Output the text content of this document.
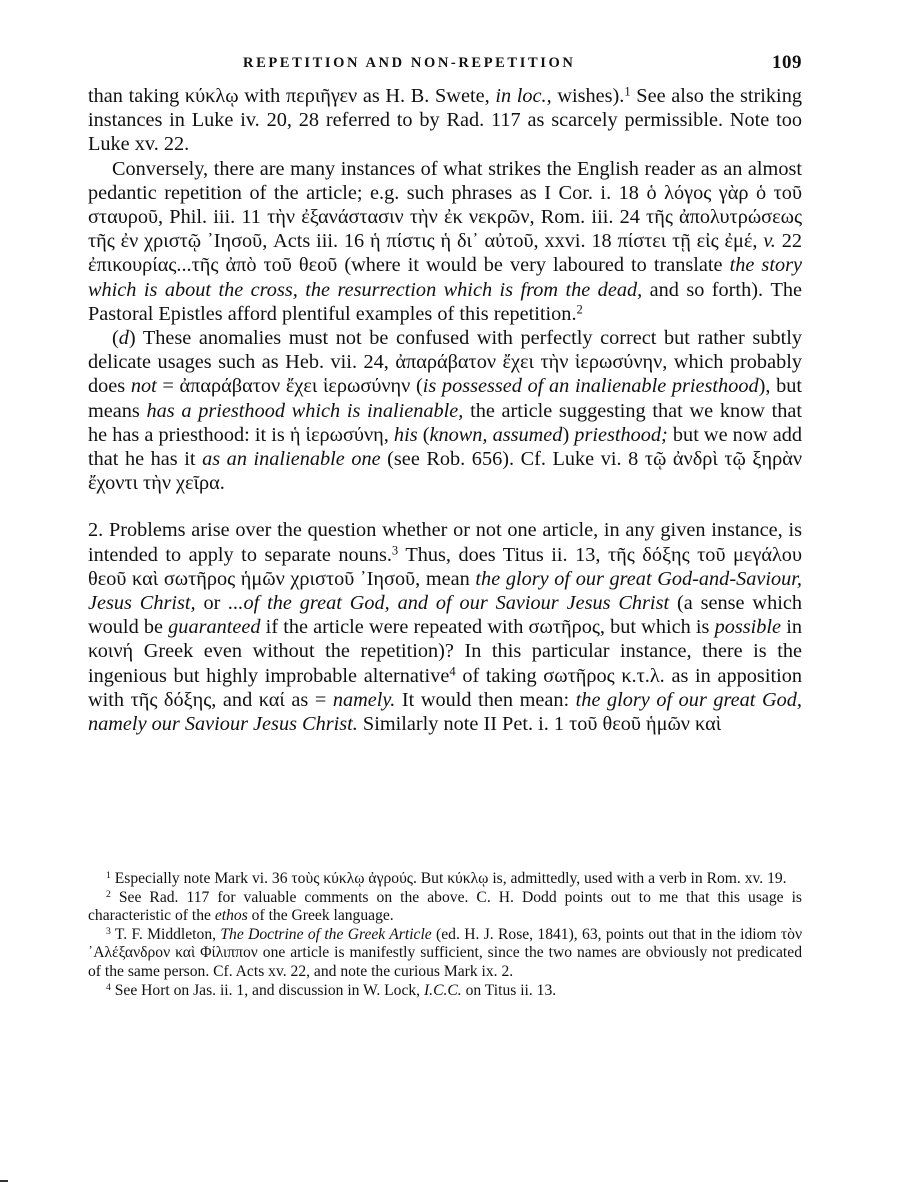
REPETITION AND NON-REPETITION	109

than taking κύκλῳ with περιῆγεν as H. B. Swete, in loc., wishes).$^1$ See also the striking instances in Luke iv. 20, 28 referred to by Rad. 117 as scarcely permissible. Note too Luke xv. 22.

Conversely, there are many instances of what strikes the English reader as an almost pedantic repetition of the article; e.g. such phrases as I Cor. i. 18 ὁ λόγος γὰρ ὁ τοῦ σταυροῦ, Phil. iii. 11 τὴν ἐξανάστασιν τὴν ἐκ νεκρῶν, Rom. iii. 24 τῆς ἀπολυτρώσεως τῆς ἐν χριστῷ ᾿Ιησοῦ, Acts iii. 16 ἡ πίστις ἡ δι᾿ αὐτοῦ, xxvi. 18 πίστει τῇ εἰς ἐμέ, v. 22 ἐπικουρίας...τῆς ἀπὸ τοῦ θεοῦ (where it would be very laboured to translate the story which is about the cross, the resurrection which is from the dead, and so forth). The Pastoral Epistles afford plentiful examples of this repetition.$^2$

(d) These anomalies must not be confused with perfectly correct but rather subtly delicate usages such as Heb. vii. 24, ἀπαράβατον ἔχει τὴν ἱερωσύνην, which probably does not = ἀπαράβατον ἔχει ἱερωσύνην (is possessed of an inalienable priesthood), but means has a priesthood which is inalienable, the article suggesting that we know that he has a priesthood: it is ἡ ἱερωσύνη, his (known, assumed) priesthood; but we now add that he has it as an inalienable one (see Rob. 656). Cf. Luke vi. 8 τῷ ἀνδρὶ τῷ ξηρὰν ἔχοντι τὴν χεῖρα.

2. Problems arise over the question whether or not one article, in any given instance, is intended to apply to separate nouns.$^3$ Thus, does Titus ii. 13, τῆς δόξης τοῦ μεγάλου θεοῦ καὶ σωτῆρος ἡμῶν χριστοῦ ᾿Ιησοῦ, mean the glory of our great God-and-Saviour, Jesus Christ, or ...of the great God, and of our Saviour Jesus Christ (a sense which would be guaranteed if the article were repeated with σωτῆρος, but which is possible in κοινή Greek even without the repetition)? In this particular instance, there is the ingenious but highly improbable alternative$^4$ of taking σωτῆρος κ.τ.λ. as in apposition with τῆς δόξης, and καί as = namely. It would then mean: the glory of our great God, namely our Saviour Jesus Christ. Similarly note II Pet. i. 1 τοῦ θεοῦ ἡμῶν καὶ

$^1$ Especially note Mark vi. 36 τοὺς κύκλῳ ἀγρούς. But κύκλῳ is, admittedly, used with a verb in Rom. xv. 19.

$^2$ See Rad. 117 for valuable comments on the above. C. H. Dodd points out to me that this usage is characteristic of the ethos of the Greek language.

$^3$ T. F. Middleton, The Doctrine of the Greek Article (ed. H. J. Rose, 1841), 63, points out that in the idiom τὸν ᾿Αλέξανδρον καὶ Φίλιππον one article is manifestly sufficient, since the two names are obviously not predicated of the same person. Cf. Acts xv. 22, and note the curious Mark ix. 2.

$^4$ See Hort on Jas. ii. 1, and discussion in W. Lock, I.C.C. on Titus ii. 13.
